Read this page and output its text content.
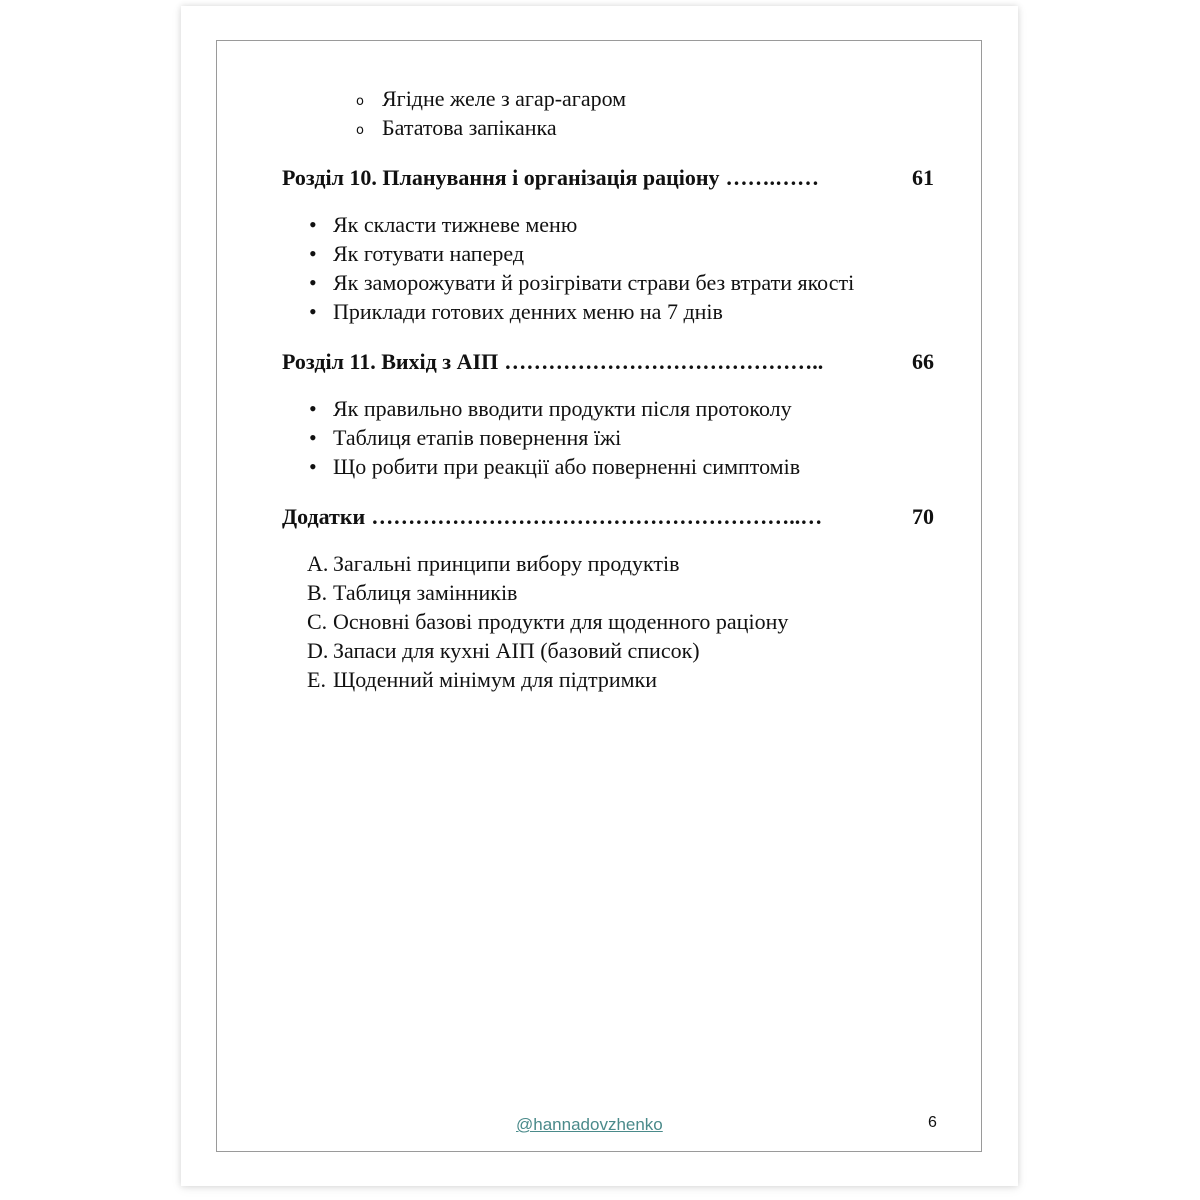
o Ягідне желе з агар-агаром
o Бататова запіканка
Розділ 10. Планування і організація раціону …….……	61
• Як скласти тижневе меню
• Як готувати наперед
• Як заморожувати й розігрівати страви без втрати якості
• Приклади готових денних меню на 7 днів
Розділ 11. Вихід з АІП ……………………………………..	66
• Як правильно вводити продукти після протоколу
• Таблиця етапів повернення їжі
• Що робити при реакції або поверненні симптомів
Додатки …………………………………………………..…	70
A. Загальні принципи вибору продуктів
B. Таблиця замінників
C. Основні базові продукти для щоденного раціону
D. Запаси для кухні АІП (базовий список)
E. Щоденний мінімум для підтримки
@hannadovzhenko	6
